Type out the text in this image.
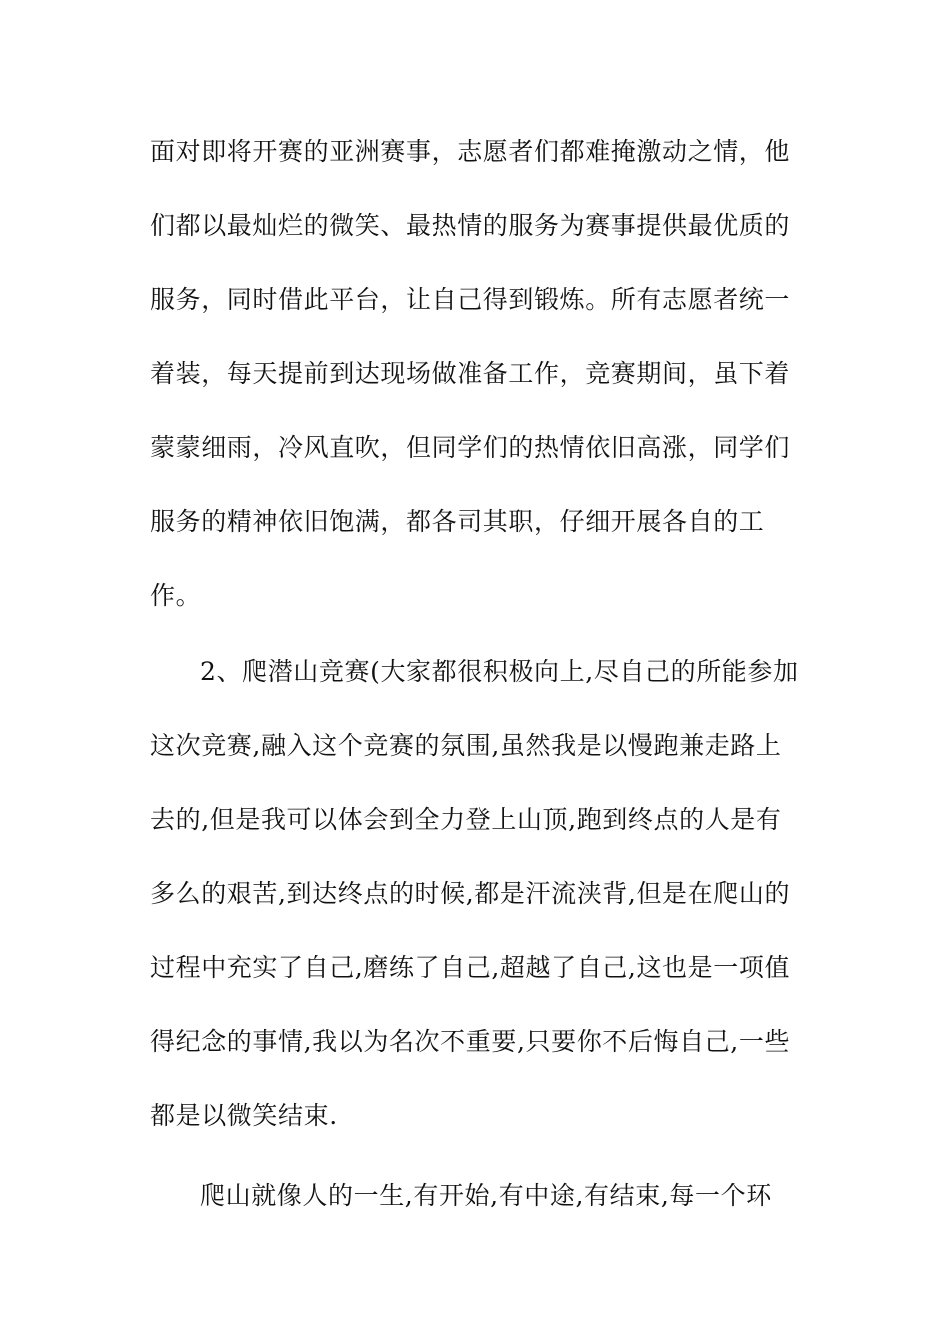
面对即将开赛的亚洲赛事，志愿者们都难掩激动之情，他
们都以最灿烂的微笑、最热情的服务为赛事提供最优质的
服务，同时借此平台，让自己得到锻炼。所有志愿者统一
着装，每天提前到达现场做准备工作，竞赛期间，虽下着
蒙蒙细雨，冷风直吹，但同学们的热情依旧高涨，同学们
服务的精神依旧饱满，都各司其职，仔细开展各自的工
作。
2、爬潜山竞赛(大家都很积极向上,尽自己的所能参加
这次竞赛,融入这个竞赛的氛围,虽然我是以慢跑兼走路上
去的,但是我可以体会到全力登上山顶,跑到终点的人是有
多么的艰苦,到达终点的时候,都是汗流浃背,但是在爬山的
过程中充实了自己,磨练了自己,超越了自己,这也是一项值
得纪念的事情,我以为名次不重要,只要你不后悔自己,一些
都是以微笑结束.
爬山就像人的一生,有开始,有中途,有结束,每一个环
